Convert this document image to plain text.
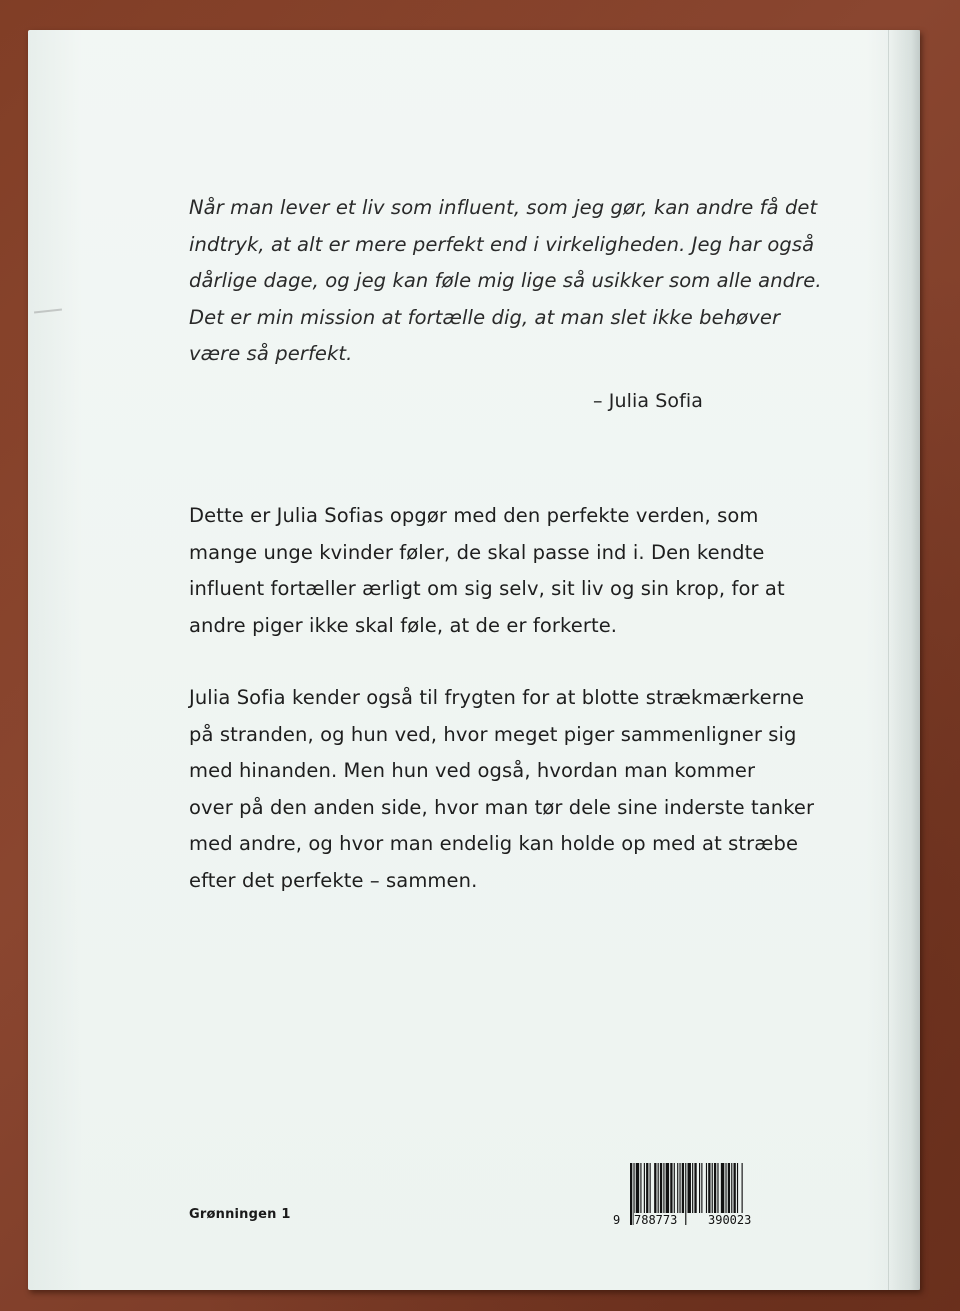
Når man lever et liv som influent, som jeg gør, kan andre få det
indtryk, at alt er mere perfekt end i virkeligheden. Jeg har også
dårlige dage, og jeg kan føle mig lige så usikker som alle andre.
Det er min mission at fortælle dig, at man slet ikke behøver
være så perfekt.
– Julia Sofia
Dette er Julia Sofias opgør med den perfekte verden, som
mange unge kvinder føler, de skal passe ind i. Den kendte
influent fortæller ærligt om sig selv, sit liv og sin krop, for at
andre piger ikke skal føle, at de er forkerte.
Julia Sofia kender også til frygten for at blotte strækmærkerne
på stranden, og hun ved, hvor meget piger sammenligner sig
med hinanden. Men hun ved også, hvordan man kommer
over på den anden side, hvor man tør dele sine inderste tanker
med andre, og hvor man endelig kan holde op med at stræbe
efter det perfekte – sammen.
Grønningen 1	9 788773	390023
